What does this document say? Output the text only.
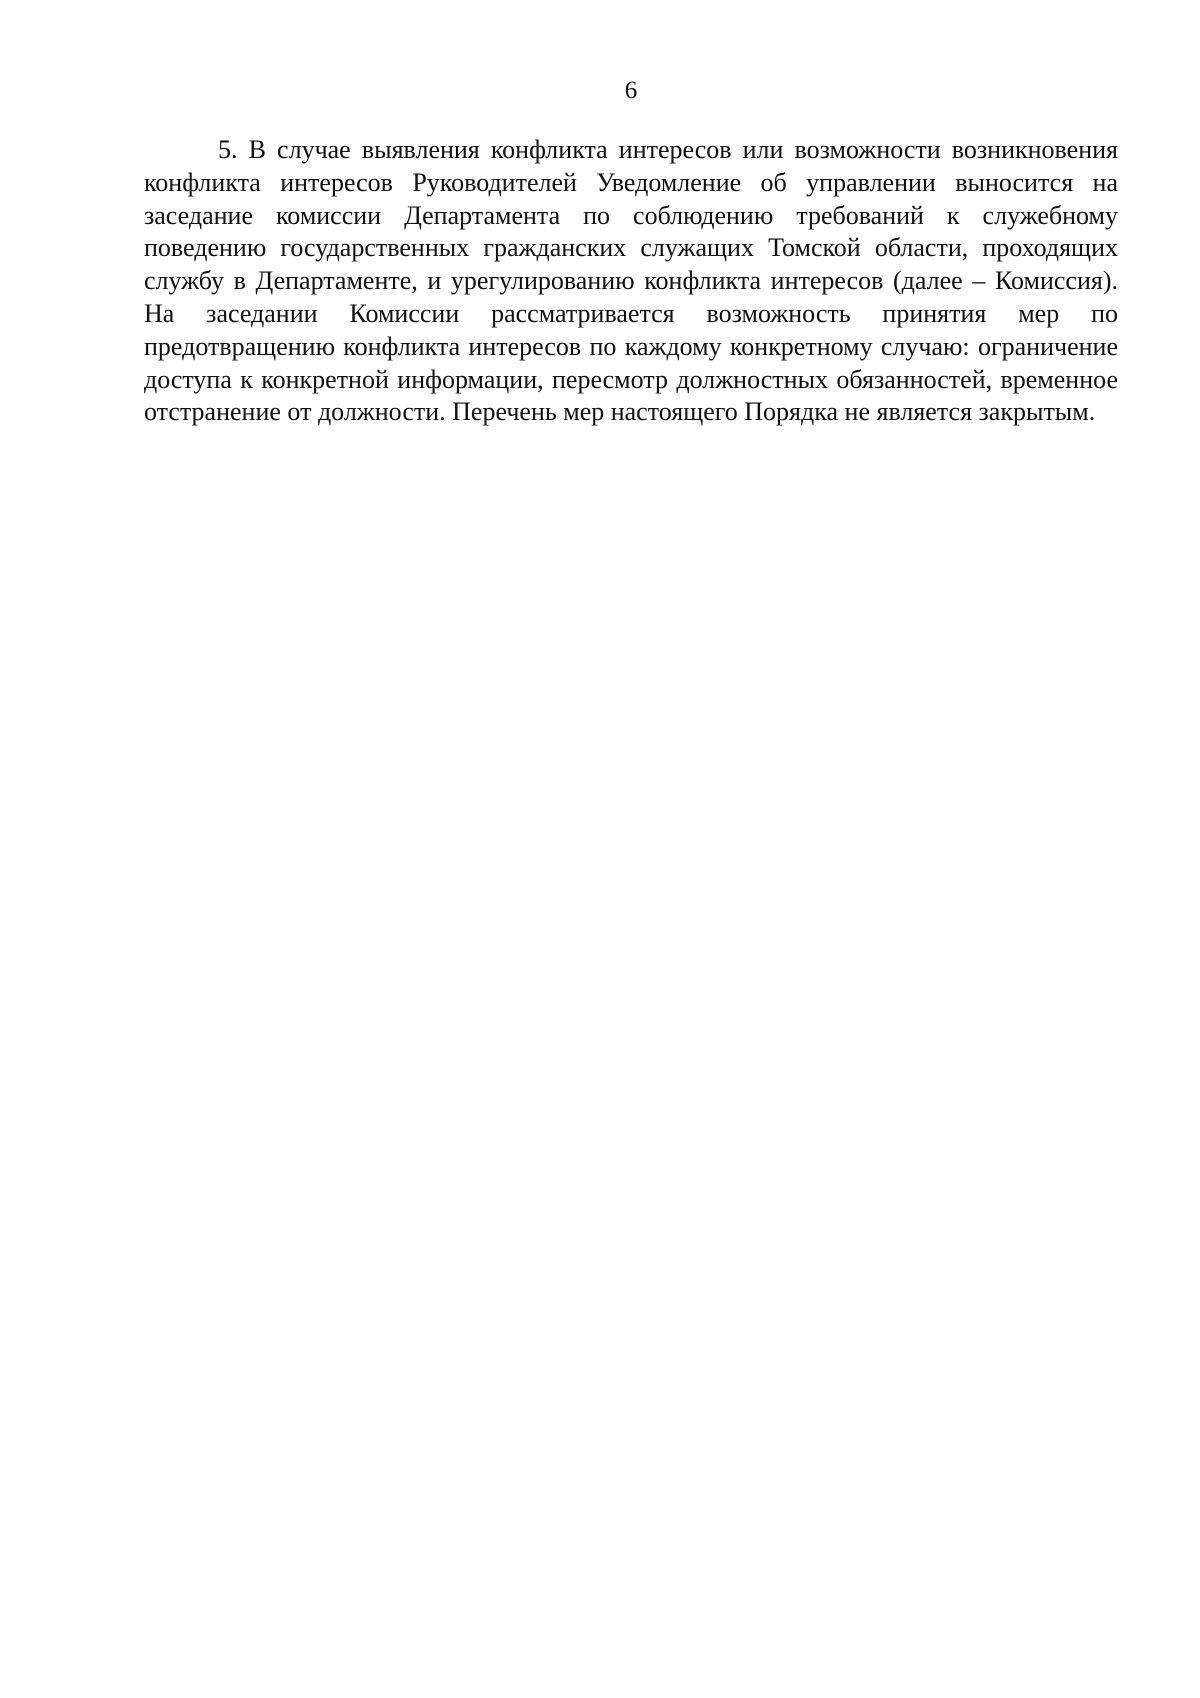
6

5. В случае выявления конфликта интересов или возможности возникновения конфликта интересов Руководителей Уведомление об управлении выносится на заседание комиссии Департамента по соблюдению требований к служебному поведению государственных гражданских служащих Томской области, проходящих службу в Департаменте, и урегулированию конфликта интересов (далее – Комиссия). На заседании Комиссии рассматривается возможность принятия мер по предотвращению конфликта интересов по каждому конкретному случаю: ограничение доступа к конкретной информации, пересмотр должностных обязанностей, временное отстранение от должности. Перечень мер настоящего Порядка не является закрытым.
